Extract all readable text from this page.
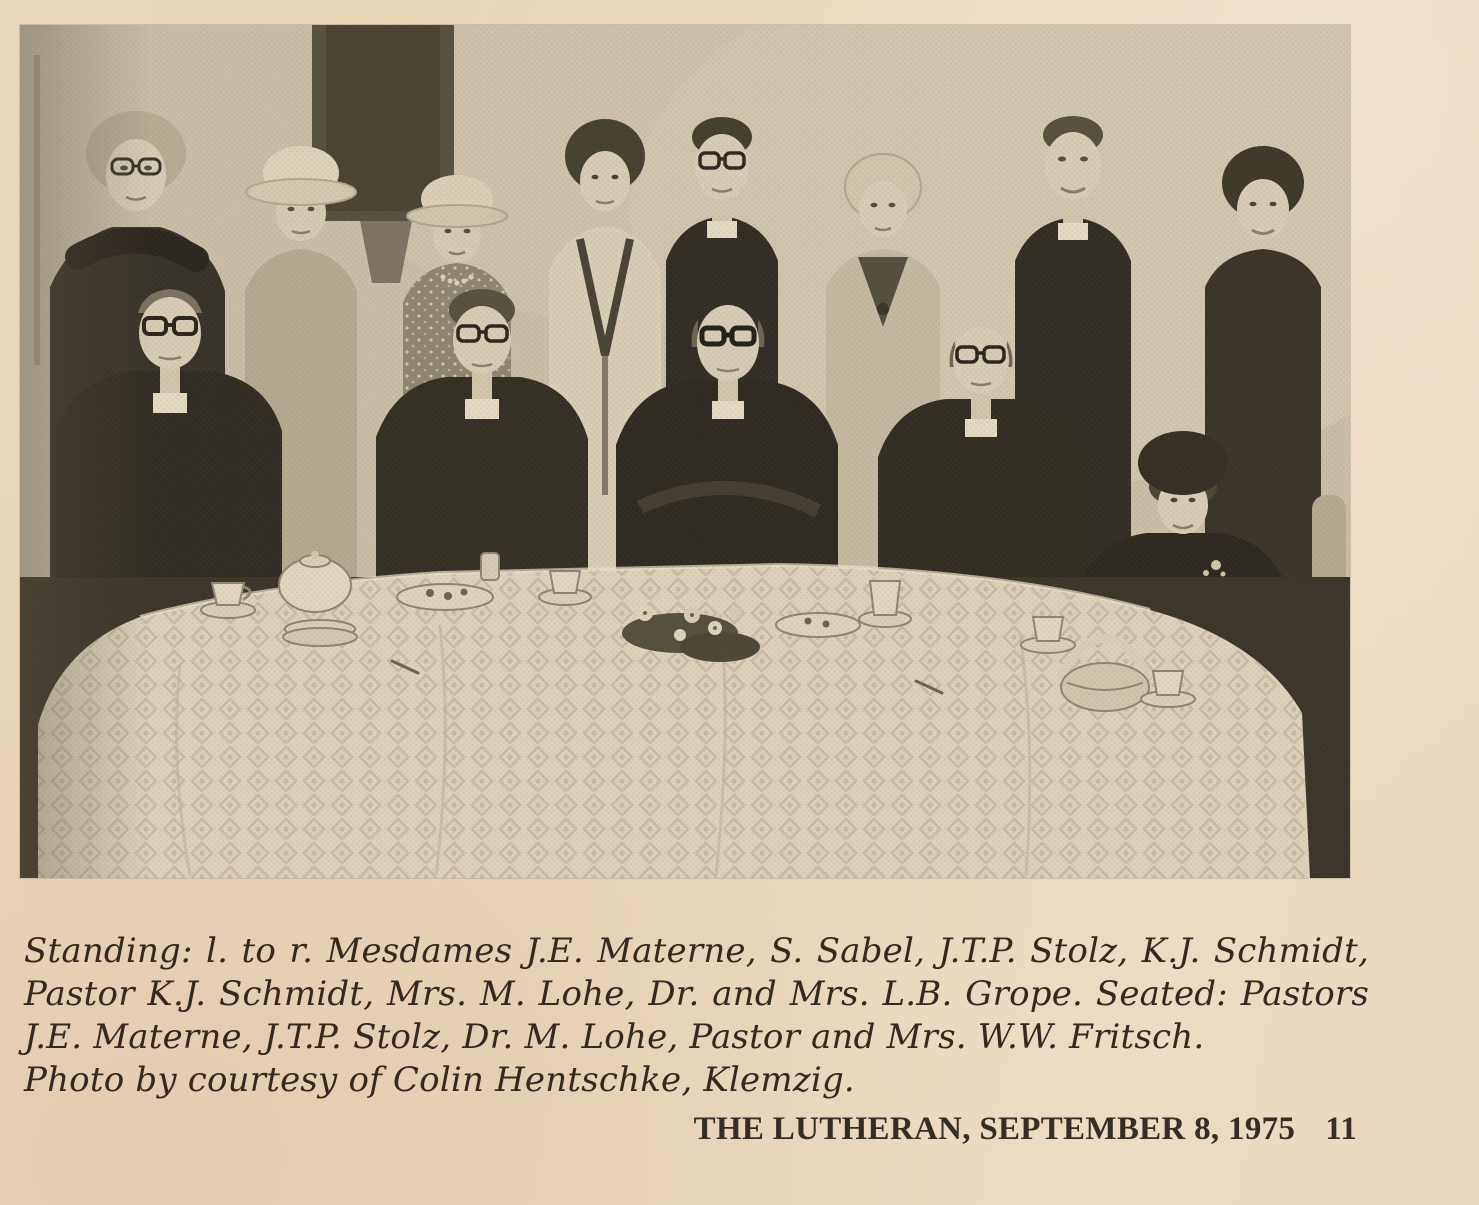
Standing: l. to r. Mesdames J.E. Materne, S. Sabel, J.T.P. Stolz, K.J. Schmidt,
Pastor K.J. Schmidt, Mrs. M. Lohe, Dr. and Mrs. L.B. Grope. Seated: Pastors
J.E. Materne, J.T.P. Stolz, Dr. M. Lohe, Pastor and Mrs. W.W. Fritsch.
Photo by courtesy of Colin Hentschke, Klemzig.
THE LUTHERAN, SEPTEMBER 8, 1975 11
